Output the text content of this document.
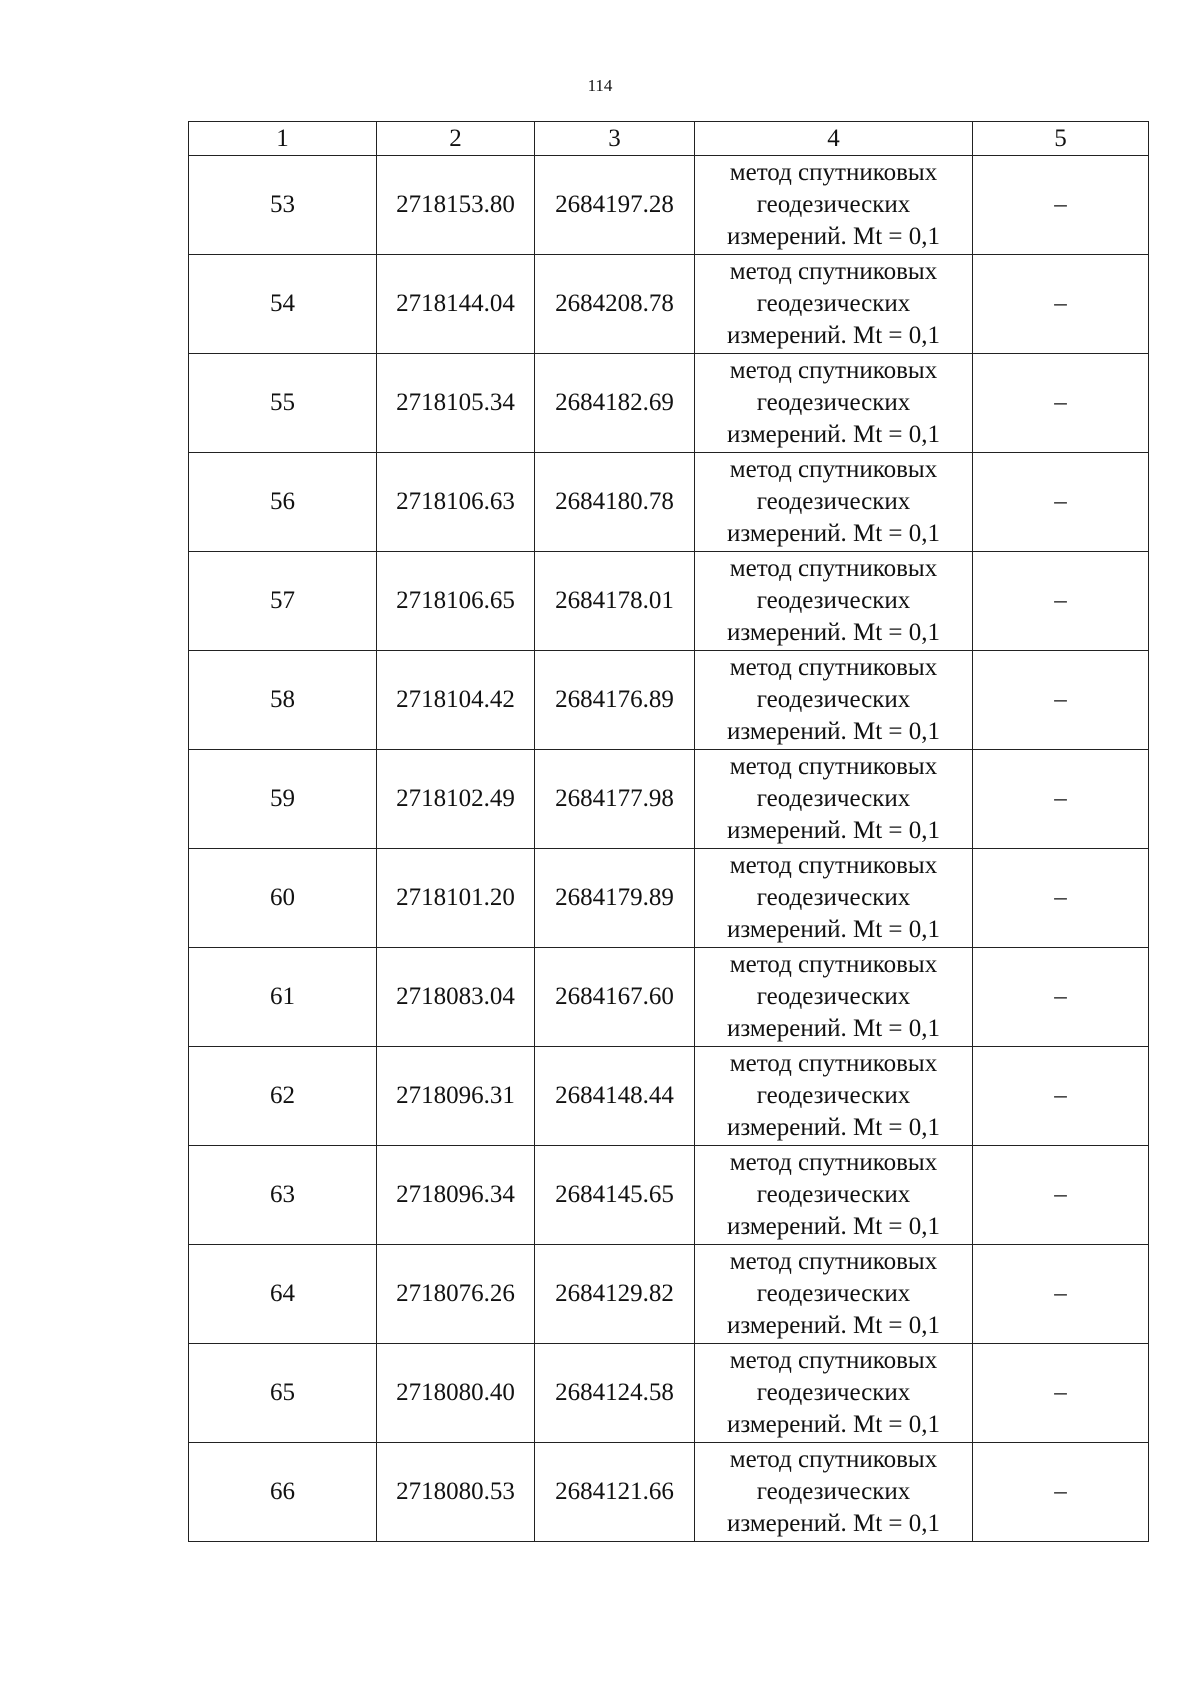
114
1	2	3	4	5
53	2718153.80	2684197.28	метод спутниковых
геодезических
измерений. Mt = 0,1	–
54	2718144.04	2684208.78	метод спутниковых
геодезических
измерений. Mt = 0,1	–
55	2718105.34	2684182.69	метод спутниковых
геодезических
измерений. Mt = 0,1	–
56	2718106.63	2684180.78	метод спутниковых
геодезических
измерений. Mt = 0,1	–
57	2718106.65	2684178.01	метод спутниковых
геодезических
измерений. Mt = 0,1	–
58	2718104.42	2684176.89	метод спутниковых
геодезических
измерений. Mt = 0,1	–
59	2718102.49	2684177.98	метод спутниковых
геодезических
измерений. Mt = 0,1	–
60	2718101.20	2684179.89	метод спутниковых
геодезических
измерений. Mt = 0,1	–
61	2718083.04	2684167.60	метод спутниковых
геодезических
измерений. Mt = 0,1	–
62	2718096.31	2684148.44	метод спутниковых
геодезических
измерений. Mt = 0,1	–
63	2718096.34	2684145.65	метод спутниковых
геодезических
измерений. Mt = 0,1	–
64	2718076.26	2684129.82	метод спутниковых
геодезических
измерений. Mt = 0,1	–
65	2718080.40	2684124.58	метод спутниковых
геодезических
измерений. Mt = 0,1	–
66	2718080.53	2684121.66	метод спутниковых
геодезических
измерений. Mt = 0,1	–
